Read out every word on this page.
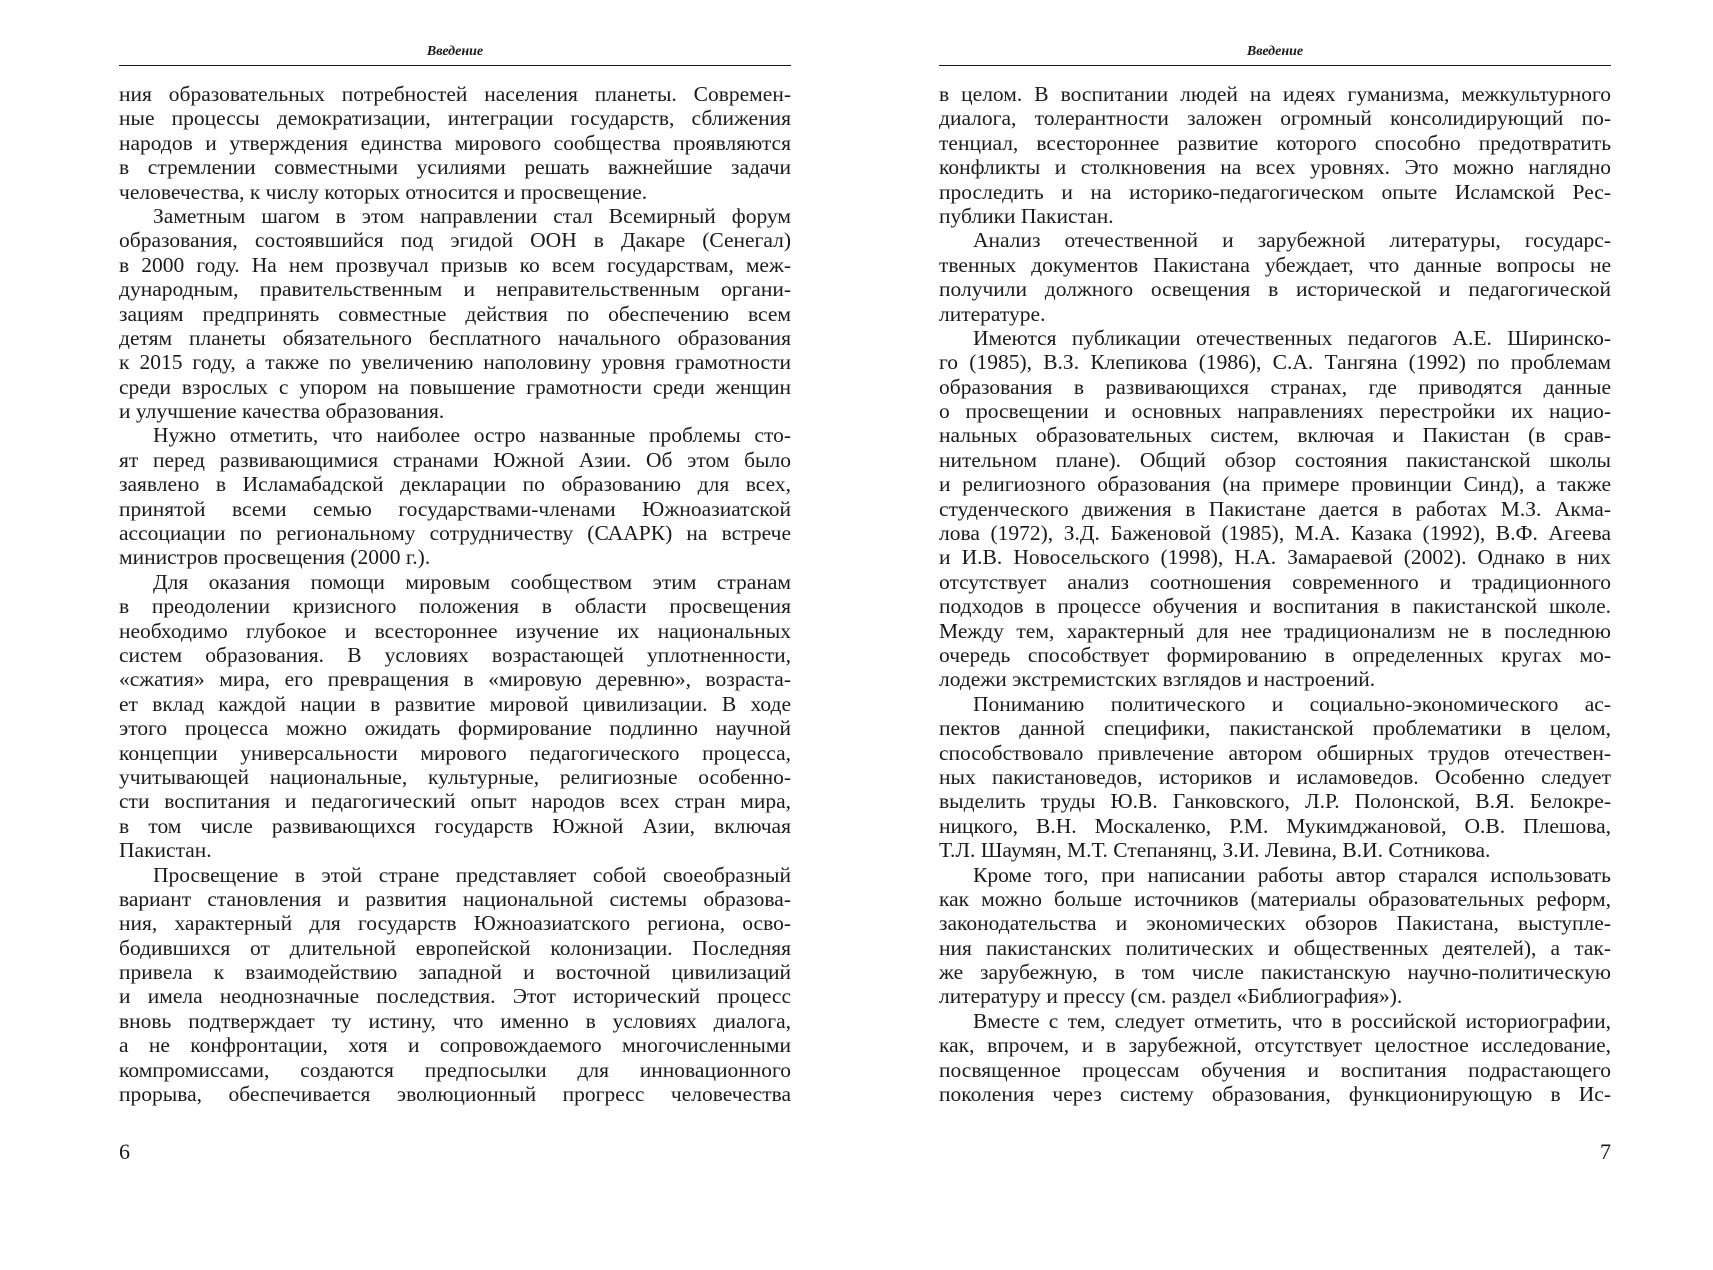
Введение
ния образовательных потребностей населения планеты. Современ-
ные процессы демократизации, интеграции государств, сближения
народов и утверждения единства мирового сообщества проявляются
в стремлении совместными усилиями решать важнейшие задачи
человечества, к числу которых относится и просвещение.
Заметным шагом в этом направлении стал Всемирный форум
образования, состоявшийся под эгидой ООН в Дакаре (Сенегал)
в 2000 году. На нем прозвучал призыв ко всем государствам, меж-
дународным, правительственным и неправительственным органи-
зациям предпринять совместные действия по обеспечению всем
детям планеты обязательного бесплатного начального образования
к 2015 году, а также по увеличению наполовину уровня грамотности
среди взрослых с упором на повышение грамотности среди женщин
и улучшение качества образования.
Нужно отметить, что наиболее остро названные проблемы сто-
ят перед развивающимися странами Южной Азии. Об этом было
заявлено в Исламабадской декларации по образованию для всех,
принятой всеми семью государствами-членами Южноазиатской
ассоциации по региональному сотрудничеству (СААРК) на встрече
министров просвещения (2000 г.).
Для оказания помощи мировым сообществом этим странам
в преодолении кризисного положения в области просвещения
необходимо глубокое и всестороннее изучение их национальных
систем образования. В условиях возрастающей уплотненности,
«сжатия» мира, его превращения в «мировую деревню», возраста-
ет вклад каждой нации в развитие мировой цивилизации. В ходе
этого процесса можно ожидать формирование подлинно научной
концепции универсальности мирового педагогического процесса,
учитывающей национальные, культурные, религиозные особенно-
сти воспитания и педагогический опыт народов всех стран мира,
в том числе развивающихся государств Южной Азии, включая
Пакистан.
Просвещение в этой стране представляет собой своеобразный
вариант становления и развития национальной системы образова-
ния, характерный для государств Южноазиатского региона, осво-
бодившихся от длительной европейской колонизации. Последняя
привела к взаимодействию западной и восточной цивилизаций
и имела неоднозначные последствия. Этот исторический процесс
вновь подтверждает ту истину, что именно в условиях диалога,
а не конфронтации, хотя и сопровождаемого многочисленными
компромиссами, создаются предпосылки для инновационного
прорыва, обеспечивается эволюционный прогресс человечества
6
Введение
в целом. В воспитании людей на идеях гуманизма, межкультурного
диалога, толерантности заложен огромный консолидирующий по-
тенциал, всестороннее развитие которого способно предотвратить
конфликты и столкновения на всех уровнях. Это можно наглядно
проследить и на историко-педагогическом опыте Исламской Рес-
публики Пакистан.
Анализ отечественной и зарубежной литературы, государс-
твенных документов Пакистана убеждает, что данные вопросы не
получили должного освещения в исторической и педагогической
литературе.
Имеются публикации отечественных педагогов А.Е. Ширинско-
го (1985), В.З. Клепикова (1986), С.А. Тангяна (1992) по проблемам
образования в развивающихся странах, где приводятся данные
о просвещении и основных направлениях перестройки их нацио-
нальных образовательных систем, включая и Пакистан (в срав-
нительном плане). Общий обзор состояния пакистанской школы
и религиозного образования (на примере провинции Синд), а также
студенческого движения в Пакистане дается в работах М.З. Акма-
лова (1972), З.Д. Баженовой (1985), М.А. Казака (1992), В.Ф. Агеева
и И.В. Новосельского (1998), Н.А. Замараевой (2002). Однако в них
отсутствует анализ соотношения современного и традиционного
подходов в процессе обучения и воспитания в пакистанской школе.
Между тем, характерный для нее традиционализм не в последнюю
очередь способствует формированию в определенных кругах мо-
лодежи экстремистских взглядов и настроений.
Пониманию политического и социально-экономического ас-
пектов данной специфики, пакистанской проблематики в целом,
способствовало привлечение автором обширных трудов отечествен-
ных пакистановедов, историков и исламоведов. Особенно следует
выделить труды Ю.В. Ганковского, Л.Р. Полонской, В.Я. Белокре-
ницкого, В.Н. Москаленко, Р.М. Мукимджановой, О.В. Плешова,
Т.Л. Шаумян, М.Т. Степанянц, З.И. Левина, В.И. Сотникова.
Кроме того, при написании работы автор старался использовать
как можно больше источников (материалы образовательных реформ,
законодательства и экономических обзоров Пакистана, выступле-
ния пакистанских политических и общественных деятелей), а так-
же зарубежную, в том числе пакистанскую научно-политическую
литературу и прессу (см. раздел «Библиография»).
Вместе с тем, следует отметить, что в российской историографии,
как, впрочем, и в зарубежной, отсутствует целостное исследование,
посвященное процессам обучения и воспитания подрастающего
поколения через систему образования, функционирующую в Ис-
7
